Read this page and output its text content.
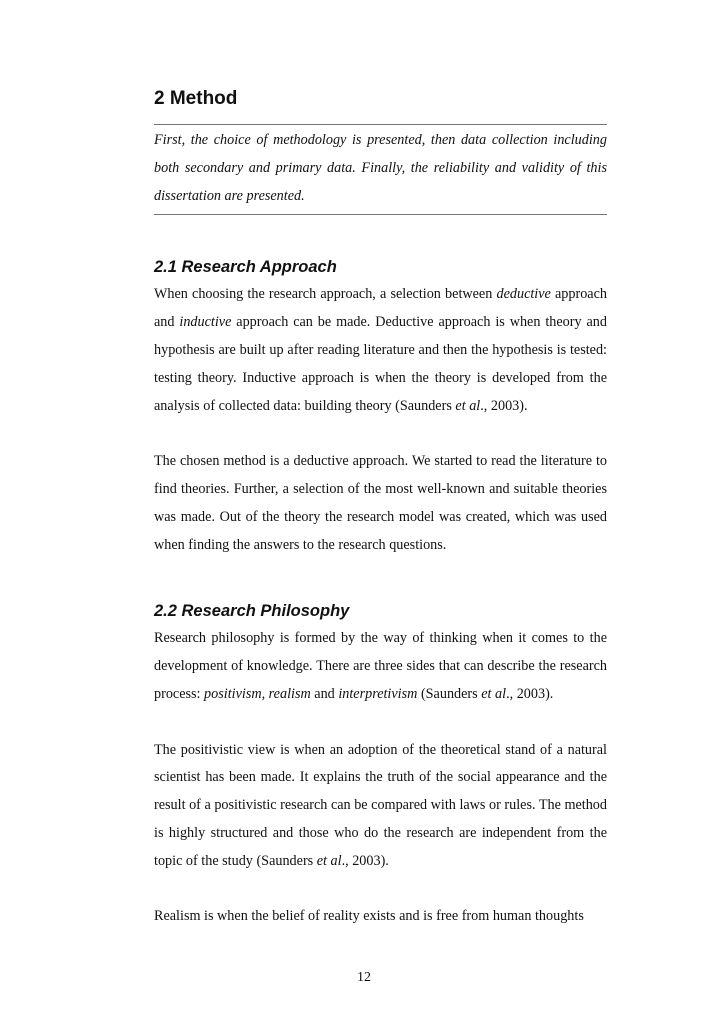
2 Method

First, the choice of methodology is presented, then data collection including both secondary and primary data. Finally, the reliability and validity of this dissertation are presented.

2.1 Research Approach

When choosing the research approach, a selection between deductive approach and inductive approach can be made. Deductive approach is when theory and hypothesis are built up after reading literature and then the hypothesis is tested: testing theory. Inductive approach is when the theory is developed from the analysis of collected data: building theory (Saunders et al., 2003).

The chosen method is a deductive approach. We started to read the literature to find theories. Further, a selection of the most well-known and suitable theories was made. Out of the theory the research model was created, which was used when finding the answers to the research questions.

2.2 Research Philosophy

Research philosophy is formed by the way of thinking when it comes to the development of knowledge. There are three sides that can describe the research process: positivism, realism and interpretivism (Saunders et al., 2003).

The positivistic view is when an adoption of the theoretical stand of a natural scientist has been made. It explains the truth of the social appearance and the result of a positivistic research can be compared with laws or rules. The method is highly structured and those who do the research are independent from the topic of the study (Saunders et al., 2003).

Realism is when the belief of reality exists and is free from human thoughts

12
